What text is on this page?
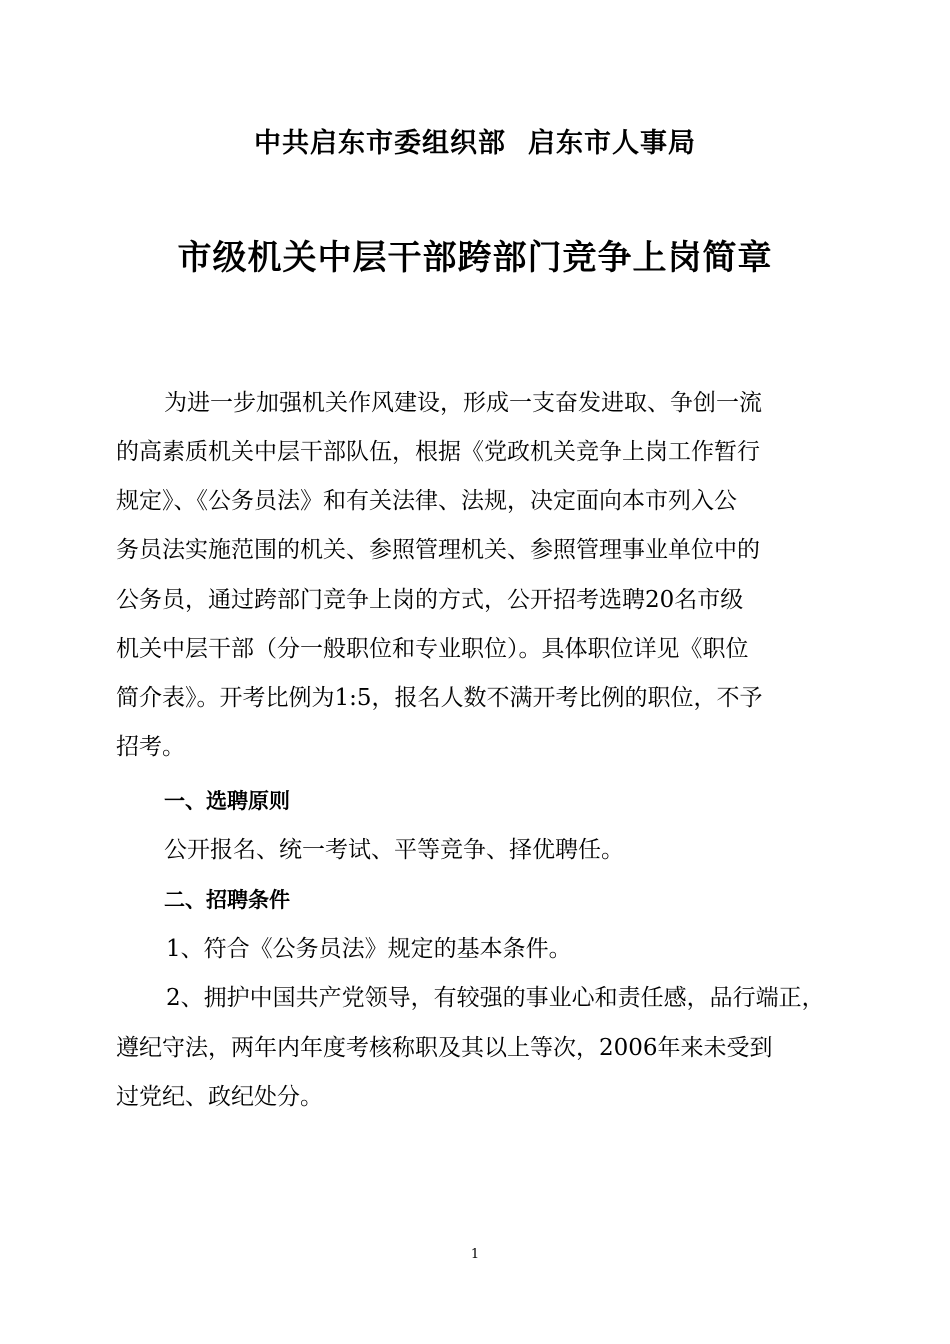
中共启东市委组织部 启东市人事局

市级机关中层干部跨部门竞争上岗简章

为进一步加强机关作风建设，形成一支奋发进取、争创一流

的高素质机关中层干部队伍，根据《党政机关竞争上岗工作暂行

规定》、《公务员法》和有关法律、法规，决定面向本市列入公

务员法实施范围的机关、参照管理机关、参照管理事业单位中的

公务员，通过跨部门竞争上岗的方式，公开招考选聘20名市级

机关中层干部（分一般职位和专业职位）。具体职位详见《职位

简介表》。开考比例为1:5，报名人数不满开考比例的职位，不予

招考。

一、选聘原则

公开报名、统一考试、平等竞争、择优聘任。

二、招聘条件

1、符合《公务员法》规定的基本条件。

2、拥护中国共产党领导，有较强的事业心和责任感，品行端正，

遵纪守法，两年内年度考核称职及其以上等次，2006年来未受到

过党纪、政纪处分。

1
